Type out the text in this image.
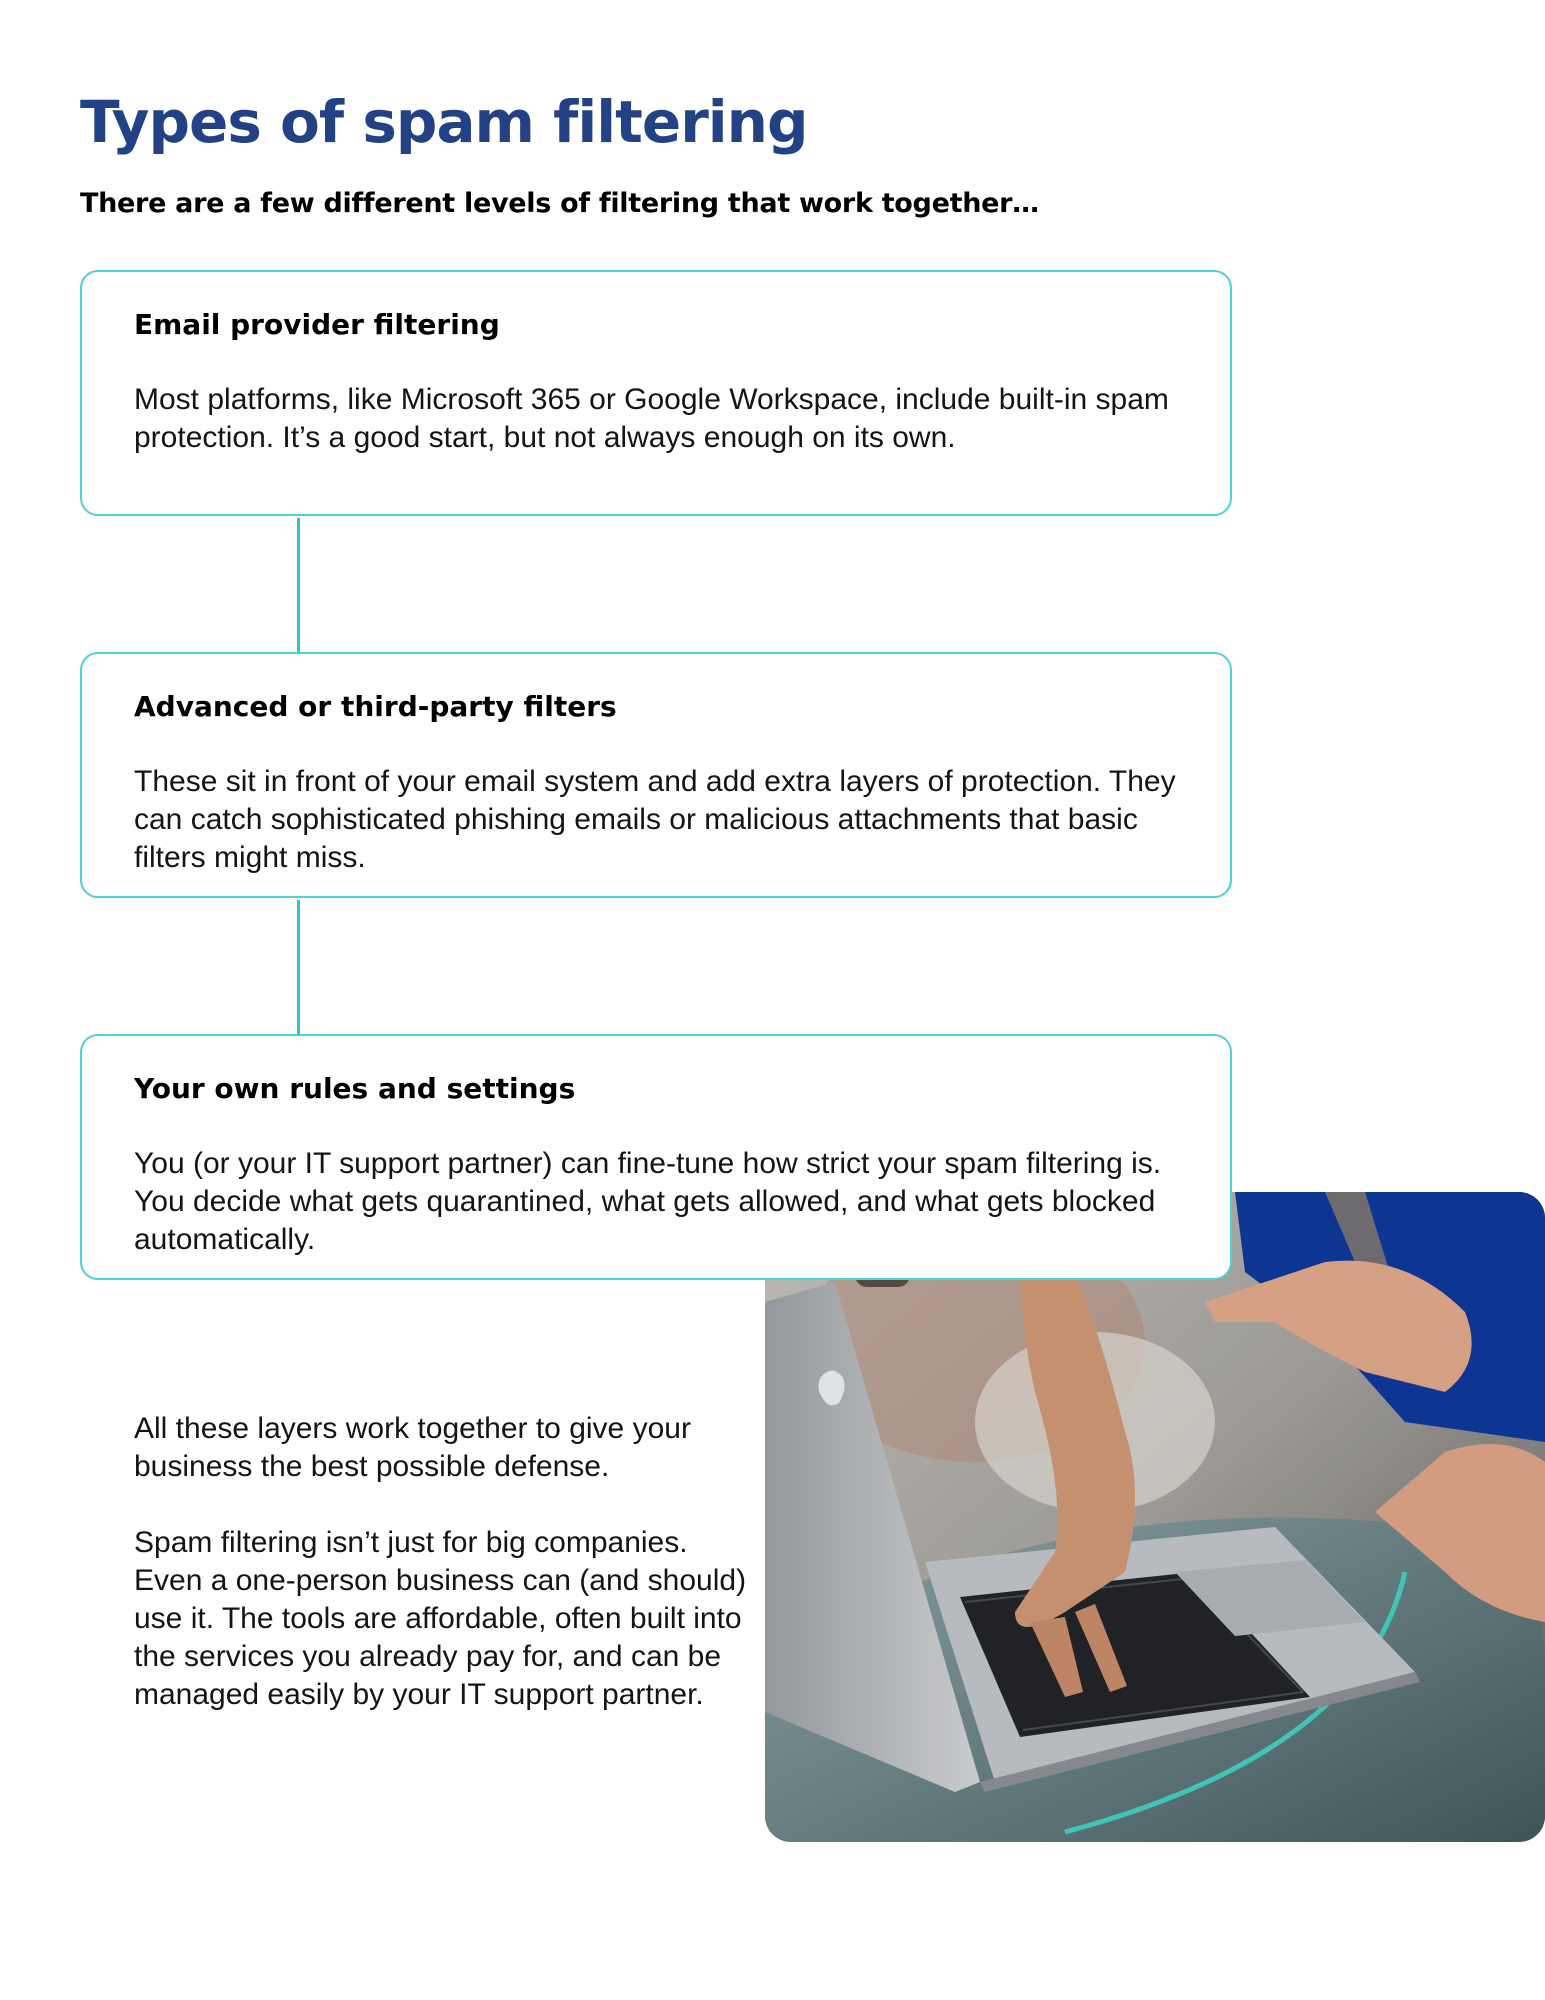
Types of spam filtering

There are a few different levels of filtering that work together…

Email provider filtering

Most platforms, like Microsoft 365 or Google Workspace, include built-in spam protection. It’s a good start, but not always enough on its own.

Advanced or third-party filters

These sit in front of your email system and add extra layers of protection. They can catch sophisticated phishing emails or malicious attachments that basic filters might miss.

Your own rules and settings

You (or your IT support partner) can fine-tune how strict your spam filtering is. You decide what gets quarantined, what gets allowed, and what gets blocked automatically.

All these layers work together to give your business the best possible defense.

Spam filtering isn’t just for big companies. Even a one-person business can (and should) use it. The tools are affordable, often built into the services you already pay for, and can be managed easily by your IT support partner.
